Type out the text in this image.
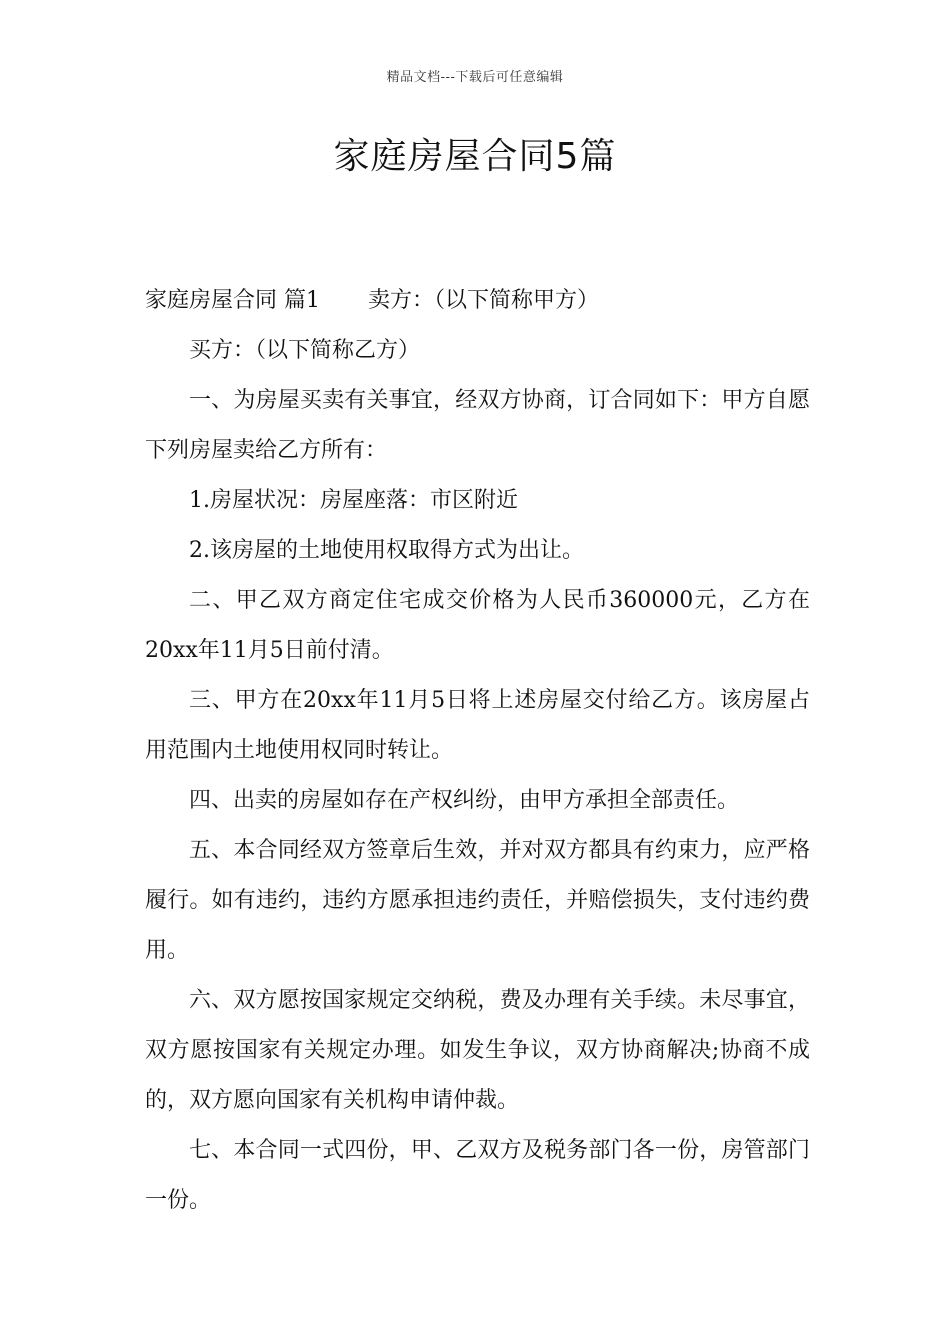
精品文档---下载后可任意编辑
家庭房屋合同5篇

家庭房屋合同 篇1 卖方：（以下简称甲方）

买方：（以下简称乙方）

一、为房屋买卖有关事宜，经双方协商，订合同如下：甲方自愿下列房屋卖给乙方所有：

1.房屋状况：房屋座落：市区附近

2.该房屋的土地使用权取得方式为出让。

二、甲乙双方商定住宅成交价格为人民币360000元，乙方在20xx年11月5日前付清。

三、甲方在20xx年11月5日将上述房屋交付给乙方。该房屋占用范围内土地使用权同时转让。

四、出卖的房屋如存在产权纠纷，由甲方承担全部责任。

五、本合同经双方签章后生效，并对双方都具有约束力，应严格履行。如有违约，违约方愿承担违约责任，并赔偿损失，支付违约费用。

六、双方愿按国家规定交纳税，费及办理有关手续。未尽事宜，双方愿按国家有关规定办理。如发生争议，双方协商解决;协商不成的，双方愿向国家有关机构申请仲裁。

七、本合同一式四份，甲、乙双方及税务部门各一份，房管部门一份。
